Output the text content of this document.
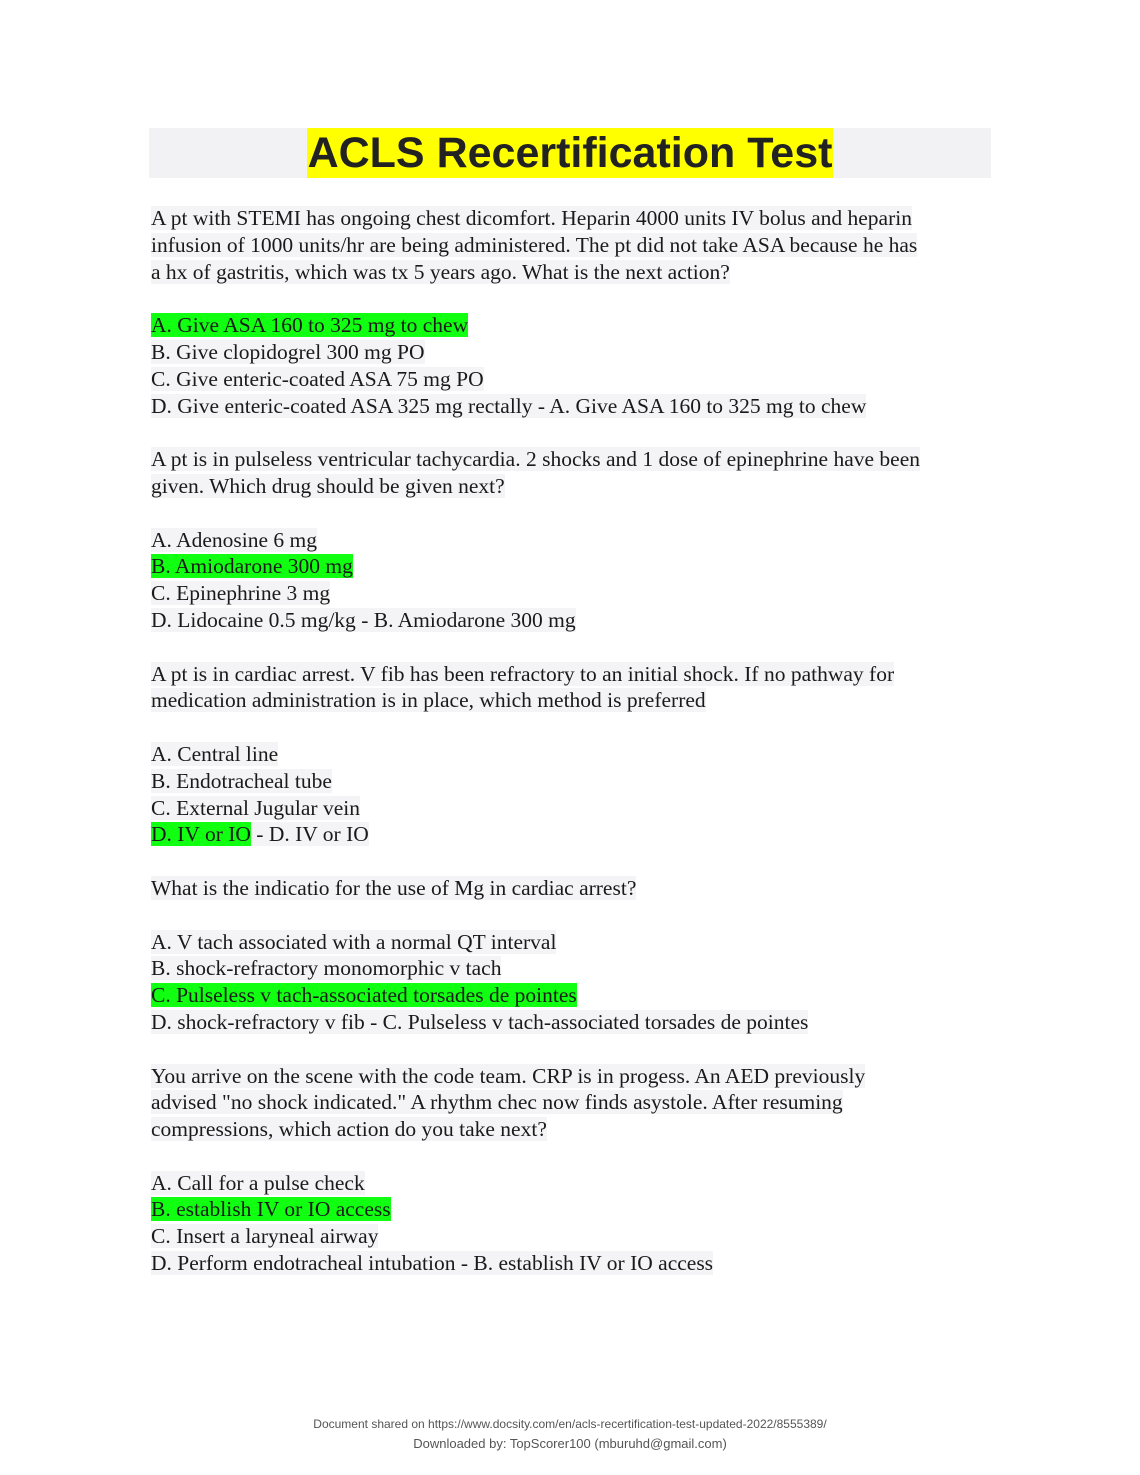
ACLS Recertification Test
A pt with STEMI has ongoing chest dicomfort. Heparin 4000 units IV bolus and heparin
infusion of 1000 units/hr are being administered. The pt did not take ASA because he has
a hx of gastritis, which was tx 5 years ago. What is the next action?
A. Give ASA 160 to 325 mg to chew
B. Give clopidogrel 300 mg PO
C. Give enteric-coated ASA 75 mg PO
D. Give enteric-coated ASA 325 mg rectally - A. Give ASA 160 to 325 mg to chew
A pt is in pulseless ventricular tachycardia. 2 shocks and 1 dose of epinephrine have been
given. Which drug should be given next?
A. Adenosine 6 mg
B. Amiodarone 300 mg
C. Epinephrine 3 mg
D. Lidocaine 0.5 mg/kg - B. Amiodarone 300 mg
A pt is in cardiac arrest. V fib has been refractory to an initial shock. If no pathway for
medication administration is in place, which method is preferred
A. Central line
B. Endotracheal tube
C. External Jugular vein
D. IV or IO - D. IV or IO
What is the indicatio for the use of Mg in cardiac arrest?
A. V tach associated with a normal QT interval
B. shock-refractory monomorphic v tach
C. Pulseless v tach-associated torsades de pointes
D. shock-refractory v fib - C. Pulseless v tach-associated torsades de pointes
You arrive on the scene with the code team. CRP is in progess. An AED previously
advised "no shock indicated." A rhythm chec now finds asystole. After resuming
compressions, which action do you take next?
A. Call for a pulse check
B. establish IV or IO access
C. Insert a laryneal airway
D. Perform endotracheal intubation - B. establish IV or IO access
Document shared on https://www.docsity.com/en/acls-recertification-test-updated-2022/8555389/
Downloaded by: TopScorer100 (mburuhd@gmail.com)
